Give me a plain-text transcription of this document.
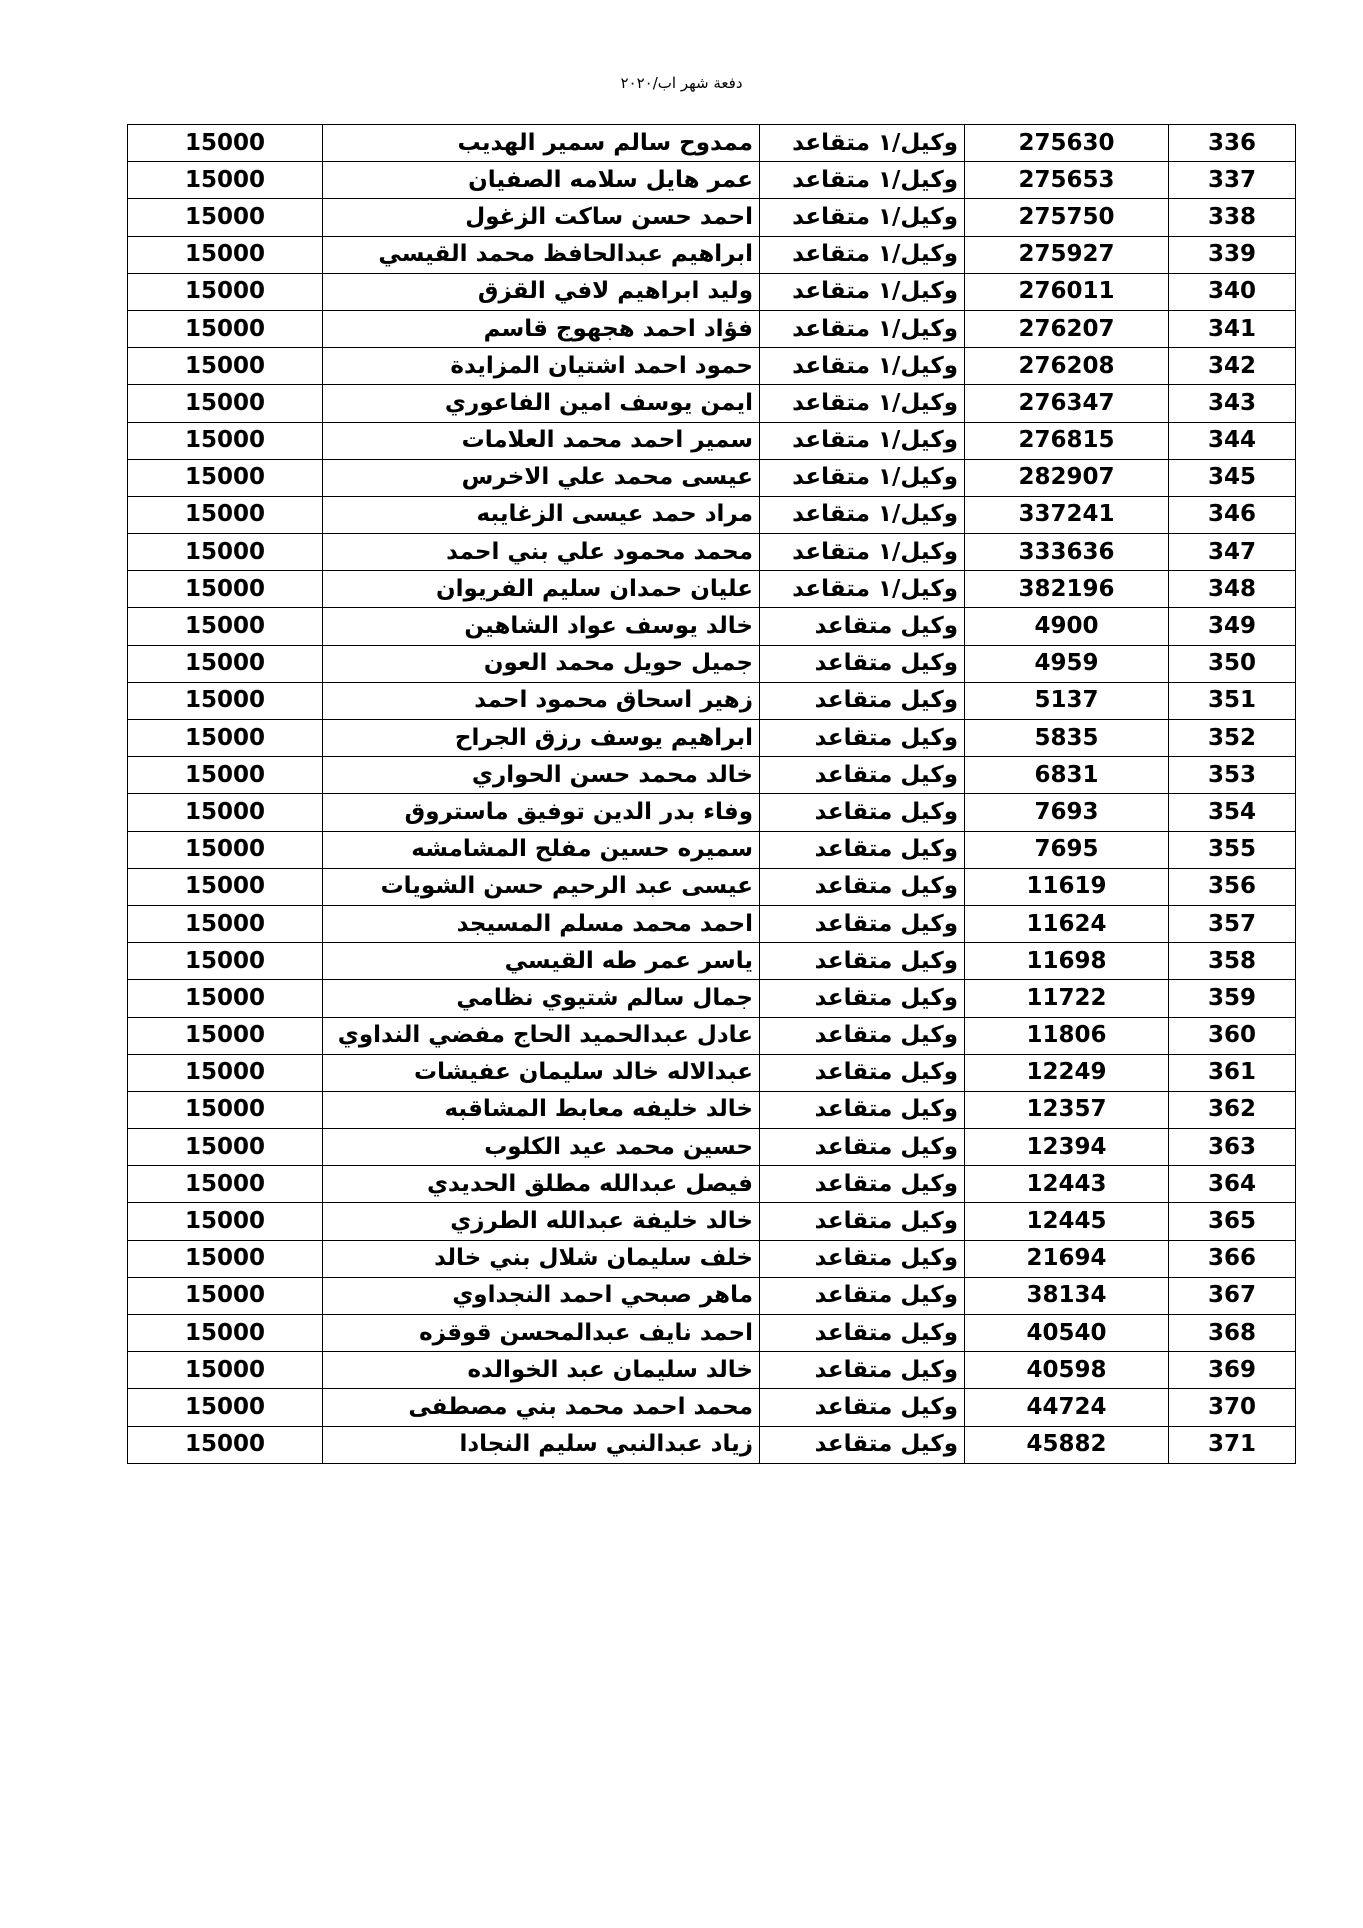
دفعة شهر اب/٢٠٢٠
336	275630	وكيل/١ متقاعد	ممدوح سالم سمير الهديب	15000
337	275653	وكيل/١ متقاعد	عمر هايل سلامه الصفيان	15000
338	275750	وكيل/١ متقاعد	احمد حسن ساكت الزغول	15000
339	275927	وكيل/١ متقاعد	ابراهيم عبدالحافظ محمد القيسي	15000
340	276011	وكيل/١ متقاعد	وليد ابراهيم لافي القزق	15000
341	276207	وكيل/١ متقاعد	فؤاد احمد هجهوج قاسم	15000
342	276208	وكيل/١ متقاعد	حمود احمد اشتيان المزايدة	15000
343	276347	وكيل/١ متقاعد	ايمن يوسف امين الفاعوري	15000
344	276815	وكيل/١ متقاعد	سمير احمد محمد العلامات	15000
345	282907	وكيل/١ متقاعد	عيسى محمد علي الاخرس	15000
346	337241	وكيل/١ متقاعد	مراد حمد عيسى الزغايبه	15000
347	333636	وكيل/١ متقاعد	محمد محمود علي بني احمد	15000
348	382196	وكيل/١ متقاعد	عليان حمدان سليم الفريوان	15000
349	4900	وكيل متقاعد	خالد يوسف عواد الشاهين	15000
350	4959	وكيل متقاعد	جميل حويل محمد العون	15000
351	5137	وكيل متقاعد	زهير اسحاق محمود احمد	15000
352	5835	وكيل متقاعد	ابراهيم يوسف رزق الجراح	15000
353	6831	وكيل متقاعد	خالد محمد حسن الحواري	15000
354	7693	وكيل متقاعد	وفاء بدر الدين توفيق ماستروق	15000
355	7695	وكيل متقاعد	سميره حسين مفلح المشامشه	15000
356	11619	وكيل متقاعد	عيسى عبد الرحيم حسن الشويات	15000
357	11624	وكيل متقاعد	احمد محمد مسلم المسيجد	15000
358	11698	وكيل متقاعد	ياسر عمر طه القيسي	15000
359	11722	وكيل متقاعد	جمال سالم شتيوي نظامي	15000
360	11806	وكيل متقاعد	عادل عبدالحميد الحاج مفضي النداوي	15000
361	12249	وكيل متقاعد	عبدالاله خالد سليمان عفيشات	15000
362	12357	وكيل متقاعد	خالد خليفه معابط المشاقبه	15000
363	12394	وكيل متقاعد	حسين محمد عيد الكلوب	15000
364	12443	وكيل متقاعد	فيصل عبدالله مطلق الحديدي	15000
365	12445	وكيل متقاعد	خالد خليفة عبدالله الطرزي	15000
366	21694	وكيل متقاعد	خلف سليمان شلال بني خالد	15000
367	38134	وكيل متقاعد	ماهر صبحي احمد النجداوي	15000
368	40540	وكيل متقاعد	احمد نايف عبدالمحسن قوقزه	15000
369	40598	وكيل متقاعد	خالد سليمان عبد الخوالده	15000
370	44724	وكيل متقاعد	محمد احمد محمد بني مصطفى	15000
371	45882	وكيل متقاعد	زياد عبدالنبي سليم النجادا	15000
